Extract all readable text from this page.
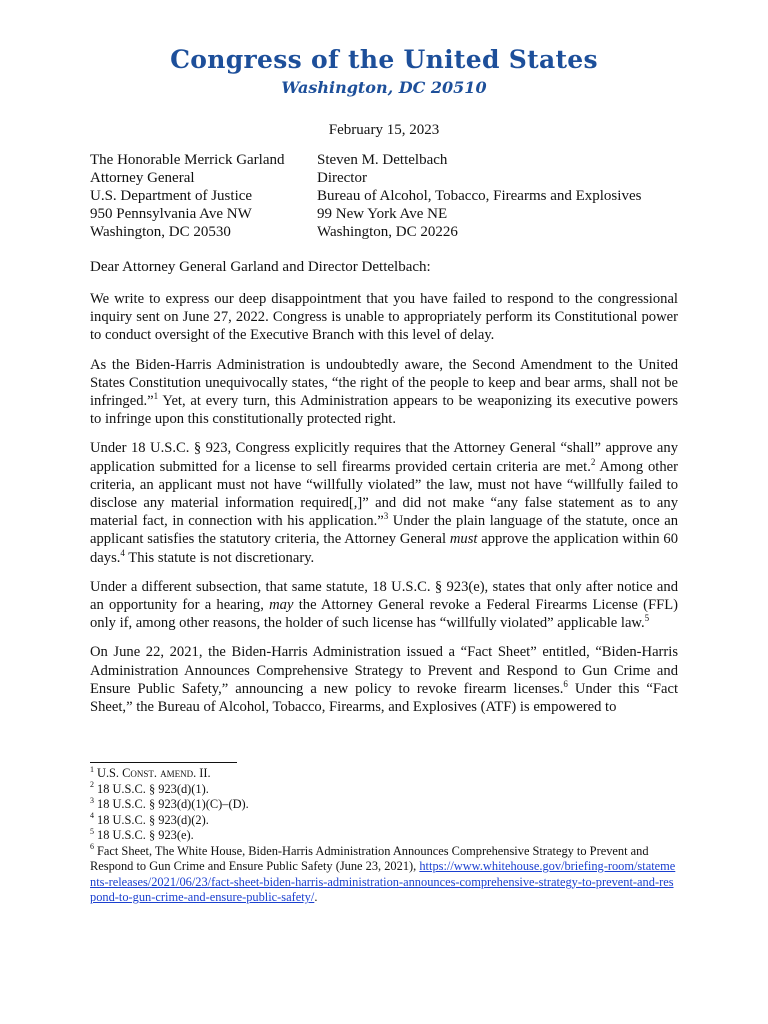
Congress of the United States
Washington, DC 20510
February 15, 2023
The Honorable Merrick Garland
Attorney General
U.S. Department of Justice
950 Pennsylvania Ave NW
Washington, DC 20530
Steven M. Dettelbach
Director
Bureau of Alcohol, Tobacco, Firearms and Explosives
99 New York Ave NE
Washington, DC 20226
Dear Attorney General Garland and Director Dettelbach:

We write to express our deep disappointment that you have failed to respond to the congressional inquiry sent on June 27, 2022. Congress is unable to appropriately perform its Constitutional power to conduct oversight of the Executive Branch with this level of delay.

As the Biden-Harris Administration is undoubtedly aware, the Second Amendment to the United States Constitution unequivocally states, “the right of the people to keep and bear arms, shall not be infringed.”$^1$ Yet, at every turn, this Administration appears to be weaponizing its executive powers to infringe upon this constitutionally protected right.

Under 18 U.S.C. § 923, Congress explicitly requires that the Attorney General “shall” approve any application submitted for a license to sell firearms provided certain criteria are met.$^2$ Among other criteria, an applicant must not have “willfully violated” the law, must not have “willfully failed to disclose any material information required[,]” and did not make “any false statement as to any material fact, in connection with his application.”$^3$ Under the plain language of the statute, once an applicant satisfies the statutory criteria, the Attorney General must approve the application within 60 days.$^4$ This statute is not discretionary.

Under a different subsection, that same statute, 18 U.S.C. § 923(e), states that only after notice and an opportunity for a hearing, may the Attorney General revoke a Federal Firearms License (FFL) only if, among other reasons, the holder of such license has “willfully violated” applicable law.$^5$

On June 22, 2021, the Biden-Harris Administration issued a “Fact Sheet” entitled, “Biden-Harris Administration Announces Comprehensive Strategy to Prevent and Respond to Gun Crime and Ensure Public Safety,” announcing a new policy to revoke firearm licenses.$^6$ Under this “Fact Sheet,” the Bureau of Alcohol, Tobacco, Firearms, and Explosives (ATF) is empowered to

$^1$ U.S. Const. amend. II.
$^2$ 18 U.S.C. § 923(d)(1).
$^3$ 18 U.S.C. § 923(d)(1)(C)–(D).
$^4$ 18 U.S.C. § 923(d)(2).
$^5$ 18 U.S.C. § 923(e).
$^6$ Fact Sheet, The White House, Biden-Harris Administration Announces Comprehensive Strategy to Prevent and Respond to Gun Crime and Ensure Public Safety (June 23, 2021), https://www.whitehouse.gov/briefing-room/statements-releases/2021/06/23/fact-sheet-biden-harris-administration-announces-comprehensive-strategy-to-prevent-and-respond-to-gun-crime-and-ensure-public-safety/.
